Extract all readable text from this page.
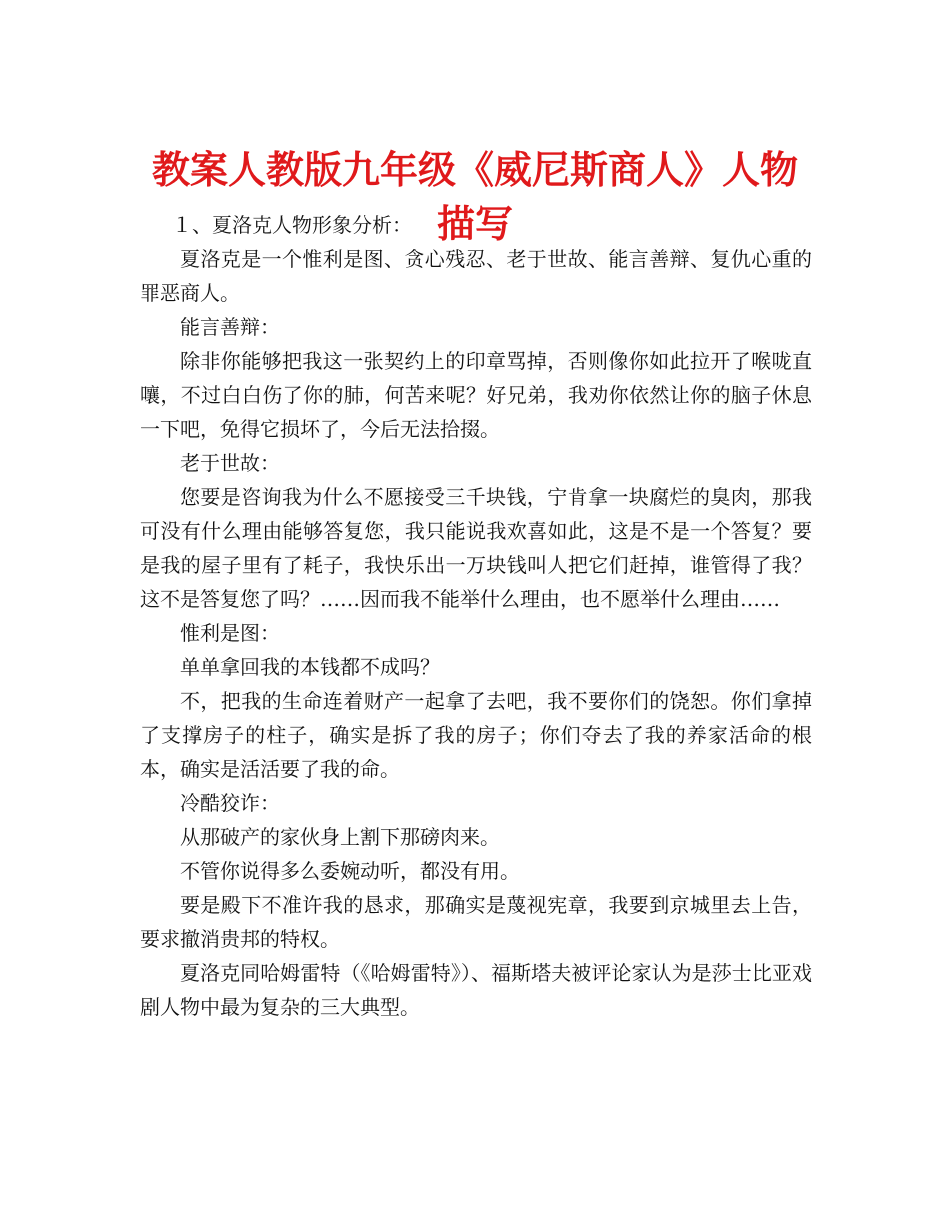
教案人教版九年级《威尼斯商人》人物描写

１、夏洛克人物形象分析：

夏洛克是一个惟利是图、贪心残忍、老于世故、能言善辩、复仇心重的罪恶商人。

能言善辩：

除非你能够把我这一张契约上的印章骂掉，否则像你如此拉开了喉咙直嚷，不过白白伤了你的肺，何苦来呢？好兄弟，我劝你依然让你的脑子休息一下吧，免得它损坏了，今后无法拾掇。

老于世故：

您要是咨询我为什么不愿接受三千块钱，宁肯拿一块腐烂的臭肉，那我可没有什么理由能够答复您，我只能说我欢喜如此，这是不是一个答复？要是我的屋子里有了耗子，我快乐出一万块钱叫人把它们赶掉，谁管得了我？这不是答复您了吗？……因而我不能举什么理由，也不愿举什么理由……

惟利是图：

单单拿回我的本钱都不成吗？

不，把我的生命连着财产一起拿了去吧，我不要你们的饶恕。你们拿掉了支撑房子的柱子，确实是拆了我的房子；你们夺去了我的养家活命的根本，确实是活活要了我的命。

冷酷狡诈：

从那破产的家伙身上割下那磅肉来。

不管你说得多么委婉动听，都没有用。

要是殿下不准许我的恳求，那确实是蔑视宪章，我要到京城里去上告，要求撤消贵邦的特权。

夏洛克同哈姆雷特（《哈姆雷特》）、福斯塔夫被评论家认为是莎士比亚戏剧人物中最为复杂的三大典型。
